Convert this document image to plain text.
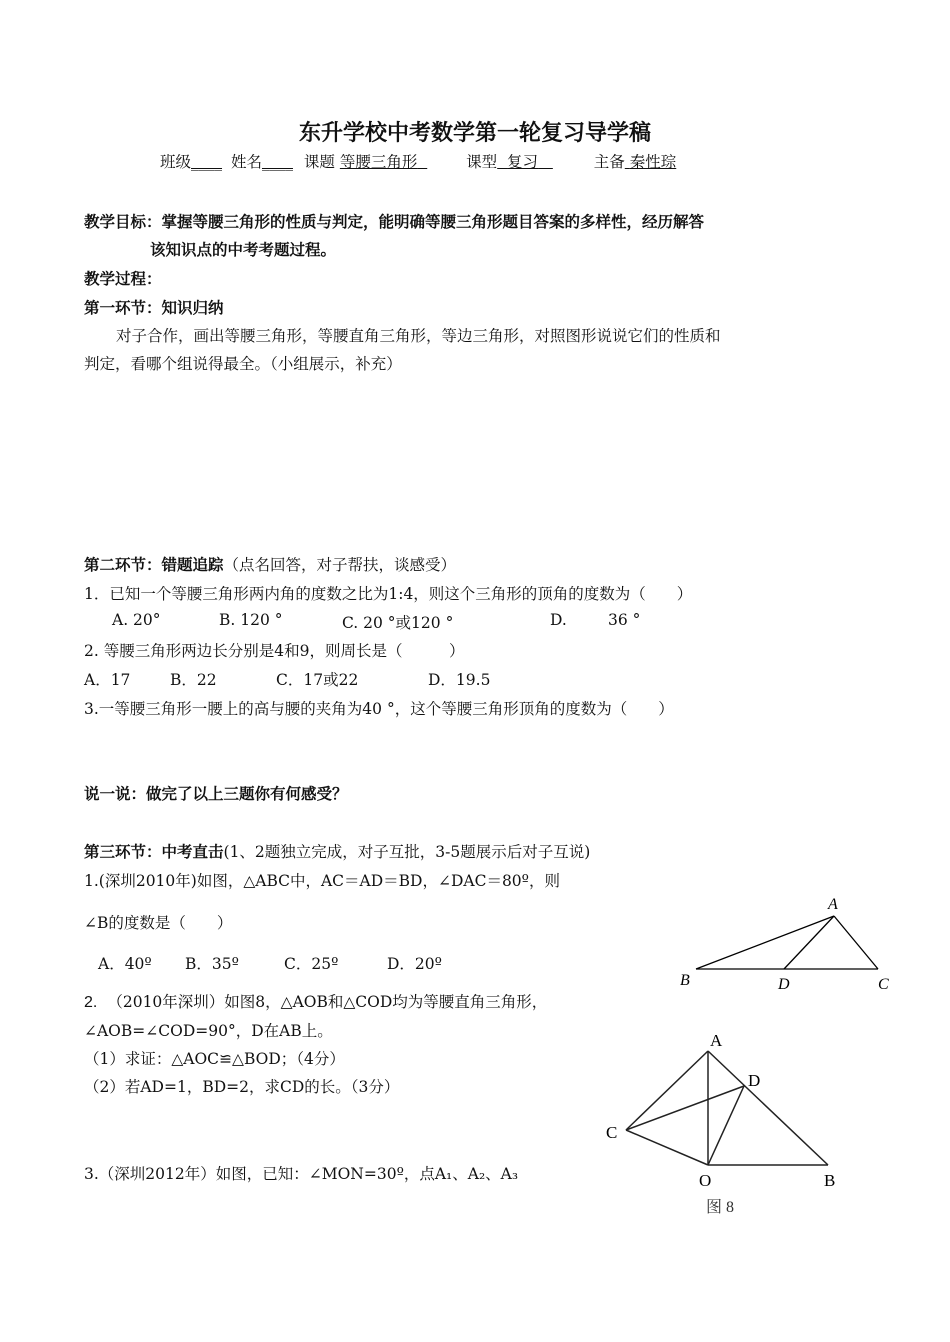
东升学校中考数学第一轮复习导学稿
班级____ 姓名____ 课题 等腰三角形	课型 复习	主备 秦性琮
教学目标：掌握等腰三角形的性质与判定，能明确等腰三角形题目答案的多样性，经历解答
该知识点的中考考题过程。
教学过程：
第一环节：知识归纳
对子合作，画出等腰三角形，等腰直角三角形，等边三角形，对照图形说说它们的性质和
判定，看哪个组说得最全。（小组展示，补充）
第二环节：错题追踪（点名回答，对子帮扶，谈感受）
1．已知一个等腰三角形两内角的度数之比为1:4，则这个三角形的顶角的度数为（　　）
A. 20°	B. 120 °	C. 20 °或120 °	D.	36 °
2. 等腰三角形两边长分别是4和9，则周长是（　　　）
A．17	B．22	C．17或22	D．19.5
3.一等腰三角形一腰上的高与腰的夹角为40 °，这个等腰三角形顶角的度数为（　　）
说一说：做完了以上三题你有何感受？
第三环节：中考直击(1、2题独立完成，对子互批，3-5题展示后对子互说)
1.(深圳2010年)如图，△ABC中，AC＝AD＝BD，∠DAC＝80º，则
∠B的度数是（　　）
A．40º B．35º	C．25º	D．20º
2. （2010年深圳）如图8，△AOB和△COD均为等腰直角三角形，
∠AOB=∠COD=90°，D在AB上。
（1）求证：△AOC≌△BOD；（4分）
（2）若AD=1，BD=2，求CD的长。（3分）
3.（深圳2012年）如图，已知：∠MON=30º，点A₁、A₂、A₃
A
B	D	C
A
D
C
O	B
图 8
